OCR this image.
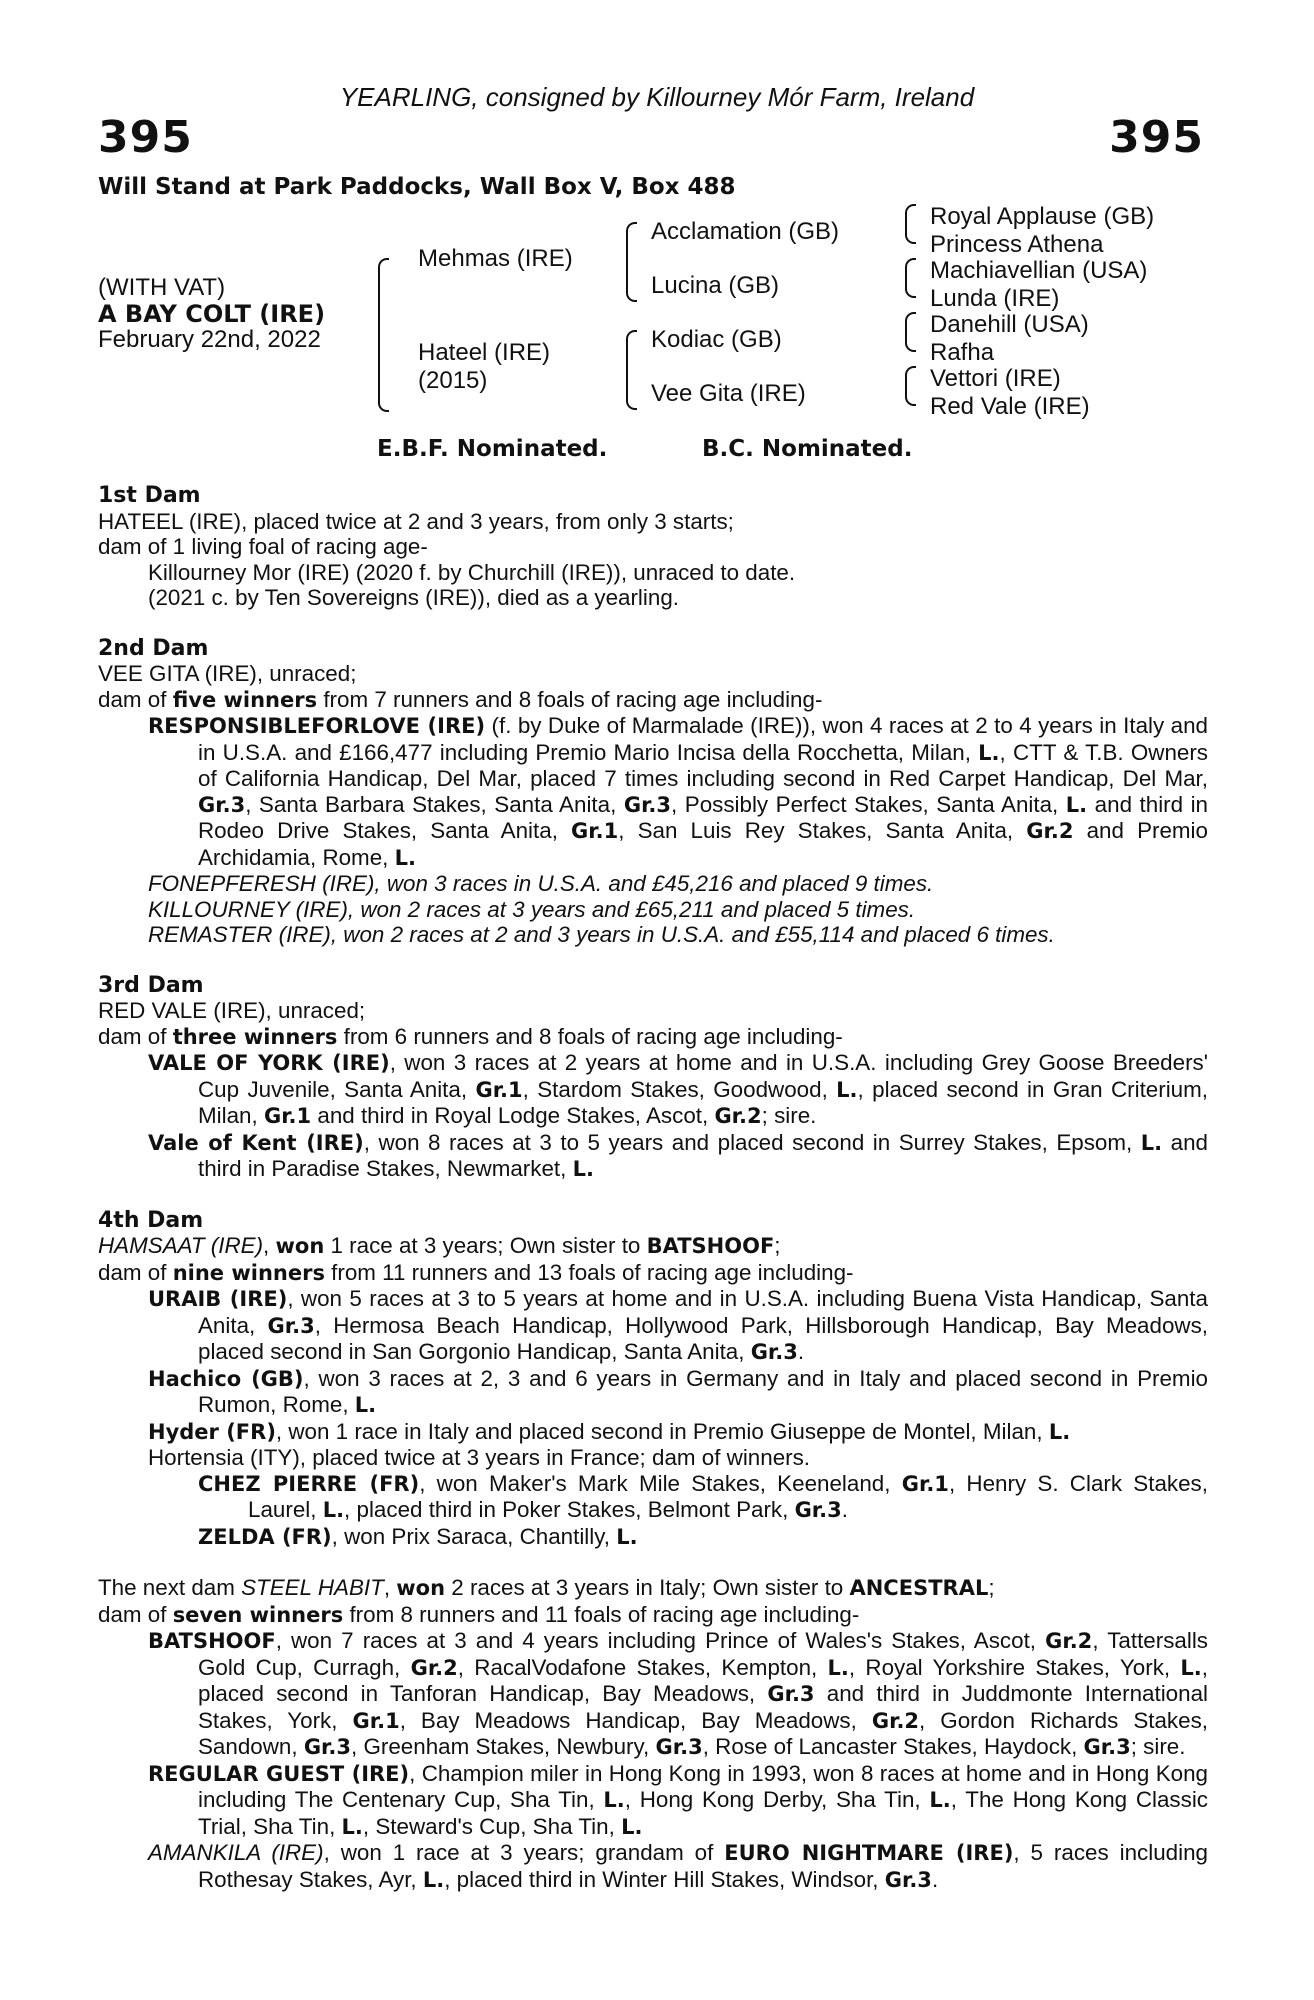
YEARLING, consigned by Killourney Mór Farm, Ireland
395	395
Will Stand at Park Paddocks, Wall Box V, Box 488
(WITH VAT)
A BAY COLT (IRE)
February 22nd, 2022
Mehmas (IRE)
Hateel (IRE)
(2015)
Acclamation (GB)
Lucina (GB)
Kodiac (GB)
Vee Gita (IRE)
Royal Applause (GB)
Princess Athena
Machiavellian (USA)
Lunda (IRE)
Danehill (USA)
Rafha
Vettori (IRE)
Red Vale (IRE)
E.B.F. Nominated.	B.C. Nominated.

1st Dam

HATEEL (IRE), placed twice at 2 and 3 years, from only 3 starts;

dam of 1 living foal of racing age-

Killourney Mor (IRE) (2020 f. by Churchill (IRE)), unraced to date.

(2021 c. by Ten Sovereigns (IRE)), died as a yearling.

2nd Dam

VEE GITA (IRE), unraced;

dam of five winners from 7 runners and 8 foals of racing age including-

RESPONSIBLEFORLOVE (IRE) (f. by Duke of Marmalade (IRE)), won 4 races at 2 to 4 years in Italy and in U.S.A. and £166,477 including Premio Mario Incisa della Rocchetta, Milan, L., CTT & T.B. Owners of California Handicap, Del Mar, placed 7 times including second in Red Carpet Handicap, Del Mar, Gr.3, Santa Barbara Stakes, Santa Anita, Gr.3, Possibly Perfect Stakes, Santa Anita, L. and third in Rodeo Drive Stakes, Santa Anita, Gr.1, San Luis Rey Stakes, Santa Anita, Gr.2 and Premio Archidamia, Rome, L.

FONEPFERESH (IRE), won 3 races in U.S.A. and £45,216 and placed 9 times.

KILLOURNEY (IRE), won 2 races at 3 years and £65,211 and placed 5 times.

REMASTER (IRE), won 2 races at 2 and 3 years in U.S.A. and £55,114 and placed 6 times.

3rd Dam

RED VALE (IRE), unraced;

dam of three winners from 6 runners and 8 foals of racing age including-

VALE OF YORK (IRE), won 3 races at 2 years at home and in U.S.A. including Grey Goose Breeders' Cup Juvenile, Santa Anita, Gr.1, Stardom Stakes, Goodwood, L., placed second in Gran Criterium, Milan, Gr.1 and third in Royal Lodge Stakes, Ascot, Gr.2; sire.

Vale of Kent (IRE), won 8 races at 3 to 5 years and placed second in Surrey Stakes, Epsom, L. and third in Paradise Stakes, Newmarket, L.

4th Dam

HAMSAAT (IRE), won 1 race at 3 years; Own sister to BATSHOOF;

dam of nine winners from 11 runners and 13 foals of racing age including-

URAIB (IRE), won 5 races at 3 to 5 years at home and in U.S.A. including Buena Vista Handicap, Santa Anita, Gr.3, Hermosa Beach Handicap, Hollywood Park, Hillsborough Handicap, Bay Meadows, placed second in San Gorgonio Handicap, Santa Anita, Gr.3.

Hachico (GB), won 3 races at 2, 3 and 6 years in Germany and in Italy and placed second in Premio Rumon, Rome, L.

Hyder (FR), won 1 race in Italy and placed second in Premio Giuseppe de Montel, Milan, L.

Hortensia (ITY), placed twice at 3 years in France; dam of winners.

CHEZ PIERRE (FR), won Maker's Mark Mile Stakes, Keeneland, Gr.1, Henry S. Clark Stakes, Laurel, L., placed third in Poker Stakes, Belmont Park, Gr.3.

ZELDA (FR), won Prix Saraca, Chantilly, L.

The next dam STEEL HABIT, won 2 races at 3 years in Italy; Own sister to ANCESTRAL;

dam of seven winners from 8 runners and 11 foals of racing age including-

BATSHOOF, won 7 races at 3 and 4 years including Prince of Wales's Stakes, Ascot, Gr.2, Tattersalls Gold Cup, Curragh, Gr.2, RacalVodafone Stakes, Kempton, L., Royal Yorkshire Stakes, York, L., placed second in Tanforan Handicap, Bay Meadows, Gr.3 and third in Juddmonte International Stakes, York, Gr.1, Bay Meadows Handicap, Bay Meadows, Gr.2, Gordon Richards Stakes, Sandown, Gr.3, Greenham Stakes, Newbury, Gr.3, Rose of Lancaster Stakes, Haydock, Gr.3; sire.

REGULAR GUEST (IRE), Champion miler in Hong Kong in 1993, won 8 races at home and in Hong Kong including The Centenary Cup, Sha Tin, L., Hong Kong Derby, Sha Tin, L., The Hong Kong Classic Trial, Sha Tin, L., Steward's Cup, Sha Tin, L.

AMANKILA (IRE), won 1 race at 3 years; grandam of EURO NIGHTMARE (IRE), 5 races including Rothesay Stakes, Ayr, L., placed third in Winter Hill Stakes, Windsor, Gr.3.
